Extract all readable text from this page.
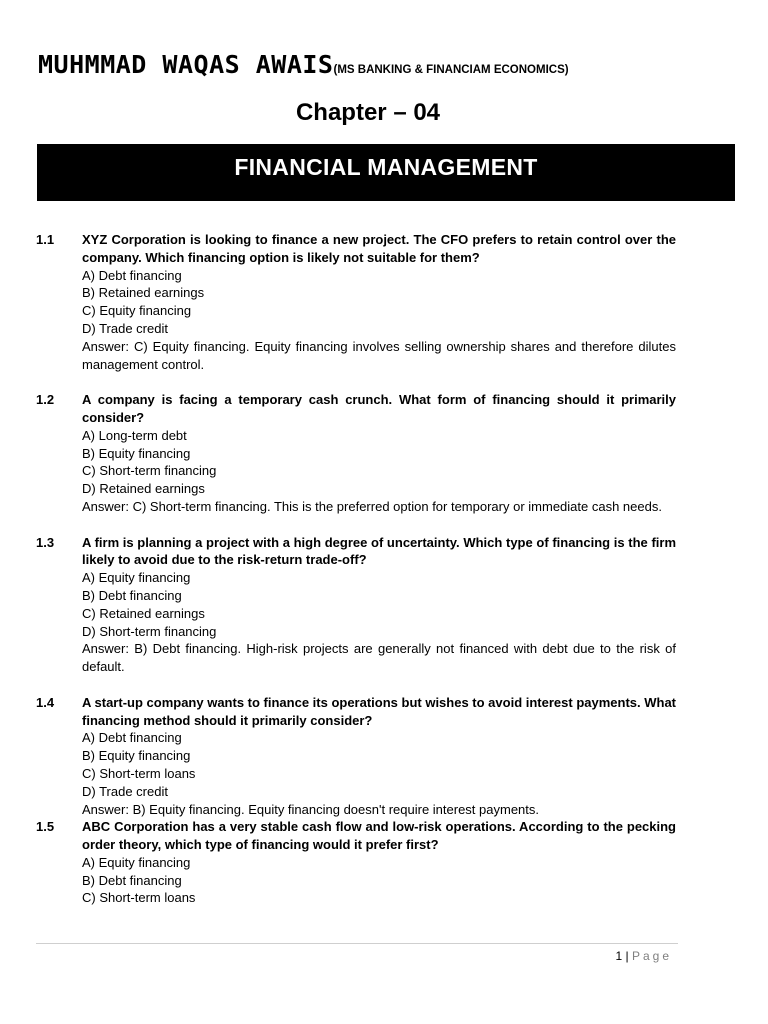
MUHMMAD WAQAS AWAIS(MS BANKING & FINANCIAM ECONOMICS)
Chapter – 04
FINANCIAL MANAGEMENT
1.1	XYZ Corporation is looking to finance a new project. The CFO prefers to retain control over the company. Which financing option is likely not suitable for them?
A) Debt financing
B) Retained earnings
C) Equity financing
D) Trade credit
Answer: C) Equity financing. Equity financing involves selling ownership shares and therefore dilutes management control.
1.2	A company is facing a temporary cash crunch. What form of financing should it primarily consider?
A) Long-term debt
B) Equity financing
C) Short-term financing
D) Retained earnings
Answer: C) Short-term financing. This is the preferred option for temporary or immediate cash needs.
1.3	A firm is planning a project with a high degree of uncertainty. Which type of financing is the firm likely to avoid due to the risk-return trade-off?
A) Equity financing
B) Debt financing
C) Retained earnings
D) Short-term financing
Answer: B) Debt financing. High-risk projects are generally not financed with debt due to the risk of default.
1.4	A start-up company wants to finance its operations but wishes to avoid interest payments. What financing method should it primarily consider?
A) Debt financing
B) Equity financing
C) Short-term loans
D) Trade credit
Answer: B) Equity financing. Equity financing doesn't require interest payments.
1.5	ABC Corporation has a very stable cash flow and low-risk operations. According to the pecking order theory, which type of financing would it prefer first?
A) Equity financing
B) Debt financing
C) Short-term loans
1 | Page
